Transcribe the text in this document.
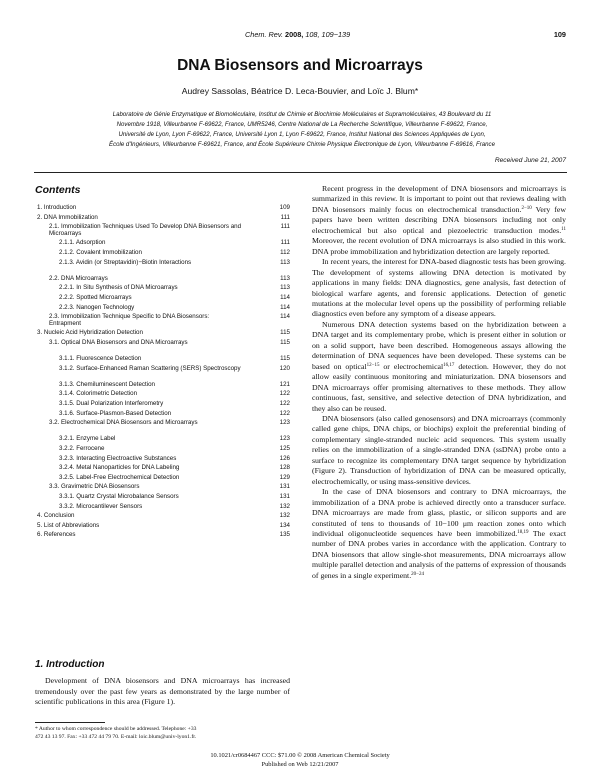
Chem. Rev. 2008, 108, 109−139	109
DNA Biosensors and Microarrays
Audrey Sassolas, Béatrice D. Leca-Bouvier, and Loïc J. Blum*
Laboratoire de Génie Enzymatique et Biomoléculaire, Institut de Chimie et Biochimie Moléculaires et Supramoléculaires, 43 Boulevard du 11
Novembre 1918, Villeurbanne F-69622, France, UMR5246, Centre National de La Recherche Scientifique, Villeurbanne F-69622, France,
Université de Lyon, Lyon F-69622, France, Université Lyon 1, Lyon F-69622, France, Institut National des Sciences Appliquées de Lyon,
École d'Ingénieurs, Villeurbanne F-69621, France, and École Supérieure Chimie Physique Électronique de Lyon, Villeurbanne F-69616, France
Received June 21, 2007
Contents
1. Introduction	109
2. DNA Immobilization	111
2.1. Immobilization Techniques Used To Develop DNA Biosensors and Microarrays
111
2.1.1. Adsorption	111
2.1.2. Covalent Immobilization	112
2.1.3. Avidin (or Streptavidin)−Biotin Interactions	113
2.2. DNA Microarrays	113
2.2.1. In Situ Synthesis of DNA Microarrays	113
2.2.2. Spotted Microarrays	114
2.2.3. Nanogen Technology	114
2.3. Immobilization Technique Specific to DNA Biosensors: Entrapment
114
3. Nucleic Acid Hybridization Detection	115
3.1. Optical DNA Biosensors and DNA Microarrays	115
3.1.1. Fluorescence Detection	115
3.1.2. Surface-Enhanced Raman Scattering (SERS) Spectroscopy	120
3.1.3. Chemiluminescent Detection	121
3.1.4. Colorimetric Detection	122
3.1.5. Dual Polarization Interferometry	122
3.1.6. Surface-Plasmon-Based Detection	122
3.2. Electrochemical DNA Biosensors and Microarrays	123
3.2.1. Enzyme Label	123
3.2.2. Ferrocene	125
3.2.3. Interacting Electroactive Substances	126
3.2.4. Metal Nanoparticles for DNA Labeling	128
3.2.5. Label-Free Electrochemical Detection	129
3.3. Gravimetric DNA Biosensors	131
3.3.1. Quartz Crystal Microbalance Sensors	131
3.3.2. Microcantilever Sensors	132
4. Conclusion	132
5. List of Abbreviations	134
6. References	135
1. Introduction
Development of DNA biosensors and DNA microarrays has increased tremendously over the past few years as demonstrated by the large number of scientific publications in this area (Figure 1).
* Author to whom correspondence should be addressed. Telephone: +33
472 43 13 97. Fax: +33 472 44 79 70. E-mail: loic.blum@univ-lyon1.fr.

Recent progress in the development of DNA biosensors and microarrays is summarized in this review. It is important to point out that reviews dealing with DNA biosensors mainly focus on electrochemical transduction.$^{2-10}$ Very few papers have been written describing DNA biosensors including not only electrochemical but also optical and piezoelectric transduction modes.$^{11}$ Moreover, the recent evolution of DNA microarrays is also studied in this work. DNA probe immobilization and hybridization detection are largely reported.

In recent years, the interest for DNA-based diagnostic tests has been growing. The development of systems allowing DNA detection is motivated by applications in many fields: DNA diagnostics, gene analysis, fast detection of biological warfare agents, and forensic applications. Detection of genetic mutations at the molecular level opens up the possibility of performing reliable diagnostics even before any symptom of a disease appears.

Numerous DNA detection systems based on the hybridization between a DNA target and its complementary probe, which is present either in solution or on a solid support, have been described. Homogeneous assays allowing the determination of DNA sequences have been developed. These systems can be based on optical$^{12-15}$ or electrochemical$^{16,17}$ detection. However, they do not allow easily continuous monitoring and miniaturization. DNA biosensors and DNA microarrays offer promising alternatives to these methods. They allow continuous, fast, sensitive, and selective detection of DNA hybridization, and they also can be reused.

DNA biosensors (also called genosensors) and DNA microarrays (commonly called gene chips, DNA chips, or biochips) exploit the preferential binding of complementary single-stranded nucleic acid sequences. This system usually relies on the immobilization of a single-stranded DNA (ssDNA) probe onto a surface to recognize its complementary DNA target sequence by hybridization (Figure 2). Transduction of hybridization of DNA can be measured optically, electrochemically, or using mass-sensitive devices.

In the case of DNA biosensors and contrary to DNA microarrays, the immobilization of a DNA probe is achieved directly onto a transducer surface. DNA microarrays are made from glass, plastic, or silicon supports and are constituted of tens to thousands of 10−100 μm reaction zones onto which individual oligonucleotide sequences have been immobilized.$^{18,19}$ The exact number of DNA probes varies in accordance with the application. Contrary to DNA biosensors that allow single-shot measurements, DNA microarrays allow multiple parallel detection and analysis of the patterns of expression of thousands of genes in a single experiment.$^{20-24}$

10.1021/cr0684467 CCC: $71.00 © 2008 American Chemical Society
Published on Web 12/21/2007
